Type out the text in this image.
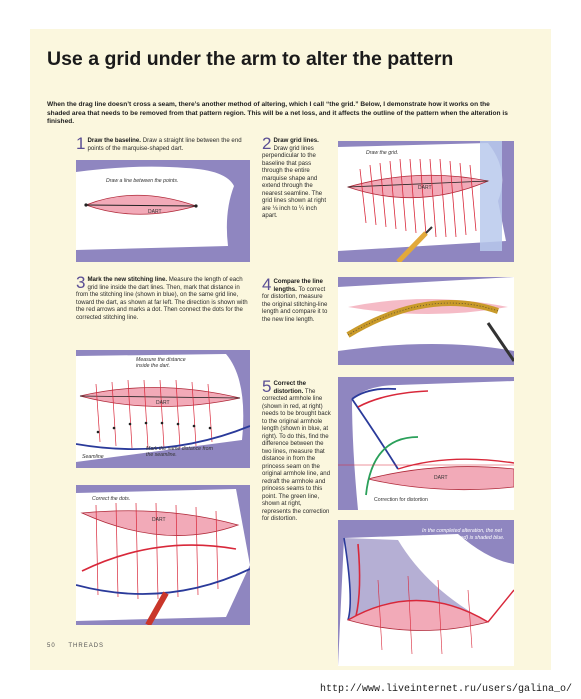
Use a grid under the arm to alter the pattern
When the drag line doesn’t cross a seam, there’s another method of altering, which I call “the grid.” Below, I demonstrate how it works on the shaded area that needs to be removed from that pattern region. This will be a net loss, and it affects the outline of the pattern when the alteration is finished.
1 Draw the baseline. Draw a straight line between the end points of the marquise-shaped dart.
Draw a line between the points.
DART
2 Draw grid lines. Draw grid lines perpendicular to the baseline that pass through the entire marquise shape and extend through the nearest seamline. The grid lines shown at right are ⅛ inch to ¼ inch apart.
Draw the grid.
DART
3 Mark the new stitching line. Measure the length of each grid line inside the dart lines. Then, mark that distance in from the stitching line (shown in blue), on the same grid line, toward the dart, as shown at far left. The direction is shown with the red arrows and marks a dot. Then connect the dots for the corrected stitching line.
Measure the distance inside the dart.
DART
Seamline
Mark the same distance from the seamline.
4 Compare the line lengths. To correct for distortion, measure the original stitching-line length and compare it to the new line length.
5 Correct the distortion. The corrected armhole line (shown in red, at right) needs to be brought back to the original armhole length (shown in blue, at right). To do this, find the difference between the two lines, measure that distance in from the princess seam on the original armhole line, and redraft the armhole and princess seams to this point. The green line, shown at right, represents the correction for distortion.
Original armhole
Corrected armhole
DART
Correction for distortion
Correct the dots.
DART
In the completed alteration, the net loss (area removed) is shaded blue.
50 THREADS
http://www.liveinternet.ru/users/galina_o/
